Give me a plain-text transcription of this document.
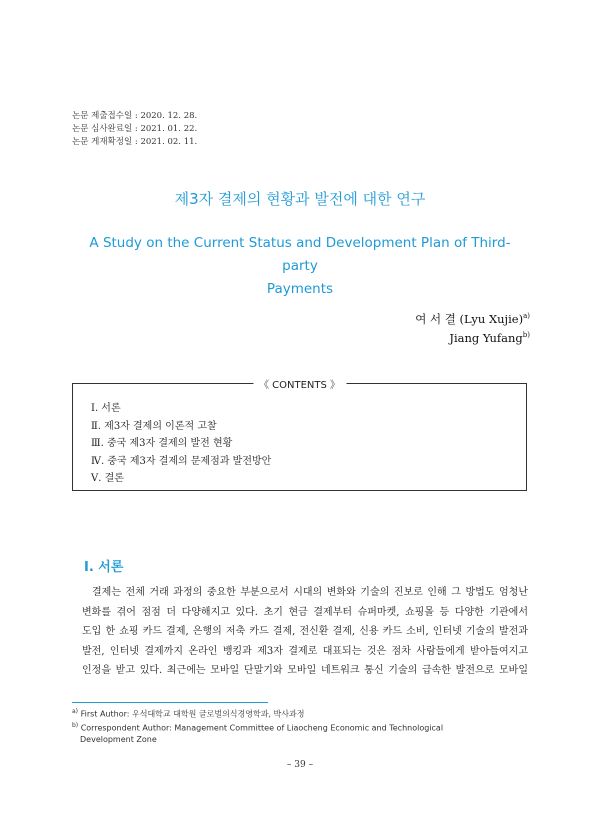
논문 제출접수일 : 2020. 12. 28.
논문 심사완료일 : 2021. 01. 22.
논문 게재확정일 : 2021. 02. 11.
제3자 결제의 현황과 발전에 대한 연구
A Study on the Current Status and Development Plan of Third-party
Payments
여 서 결 (Lyu Xujie)$^{a)}$
Jiang Yufang$^{b)}$
《 CONTENTS 》
Ⅰ. 서론
Ⅱ. 제3자 결제의 이론적 고찰
Ⅲ. 중국 제3자 결제의 발전 현황
Ⅳ. 중국 제3자 결제의 문제점과 발전방안
Ⅴ. 결론
Ⅰ. 서론
결제는 전체 거래 과정의 중요한 부분으로서 시대의 변화와 기술의 진보로 인해 그 방법도 엄청난
변화를 겪어 점점 더 다양해지고 있다. 초기 현금 결제부터 슈퍼마켓, 쇼핑몰 등 다양한 기관에서
도입 한 쇼핑 카드 결제, 은행의 저축 카드 결제, 전신환 결제, 신용 카드 소비, 인터넷 기술의 발전과
발전, 인터넷 결제까지 온라인 뱅킹과 제3자 결제로 대표되는 것은 점차 사람들에게 받아들여지고
인정을 받고 있다. 최근에는 모바일 단말기와 모바일 네트워크 통신 기술의 급속한 발전으로 모바일
$^{a)}$ First Author: 우석대학교 대학원 글로벌의식경영학과, 박사과정
$^{b)}$ Correspondent Author: Management Committee of Liaocheng Economic and Technological
Development Zone
– 39 –
